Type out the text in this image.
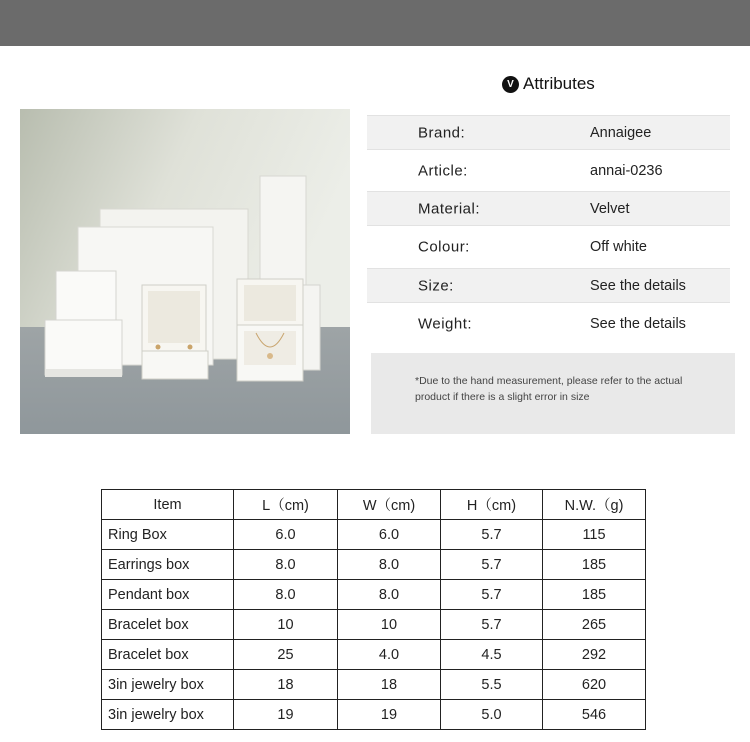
V Attributes
Brand:	Annaigee
Article:	annai-0236
Material:	Velvet
Colour:	Off white
Size:	See the details
Weight:	See the details

*Due to the hand measurement, please refer to the actual product if there is a slight error in size

Item	L（cm)	W（cm)	H（cm)	N.W.（g)
Ring Box	6.0	6.0	5.7	115
Earrings box	8.0	8.0	5.7	185
Pendant box	8.0	8.0	5.7	185
Bracelet box	10	10	5.7	265
Bracelet box	25	4.0	4.5	292
3in jewelry box	18	18	5.5	620
3in jewelry box	19	19	5.0	546
